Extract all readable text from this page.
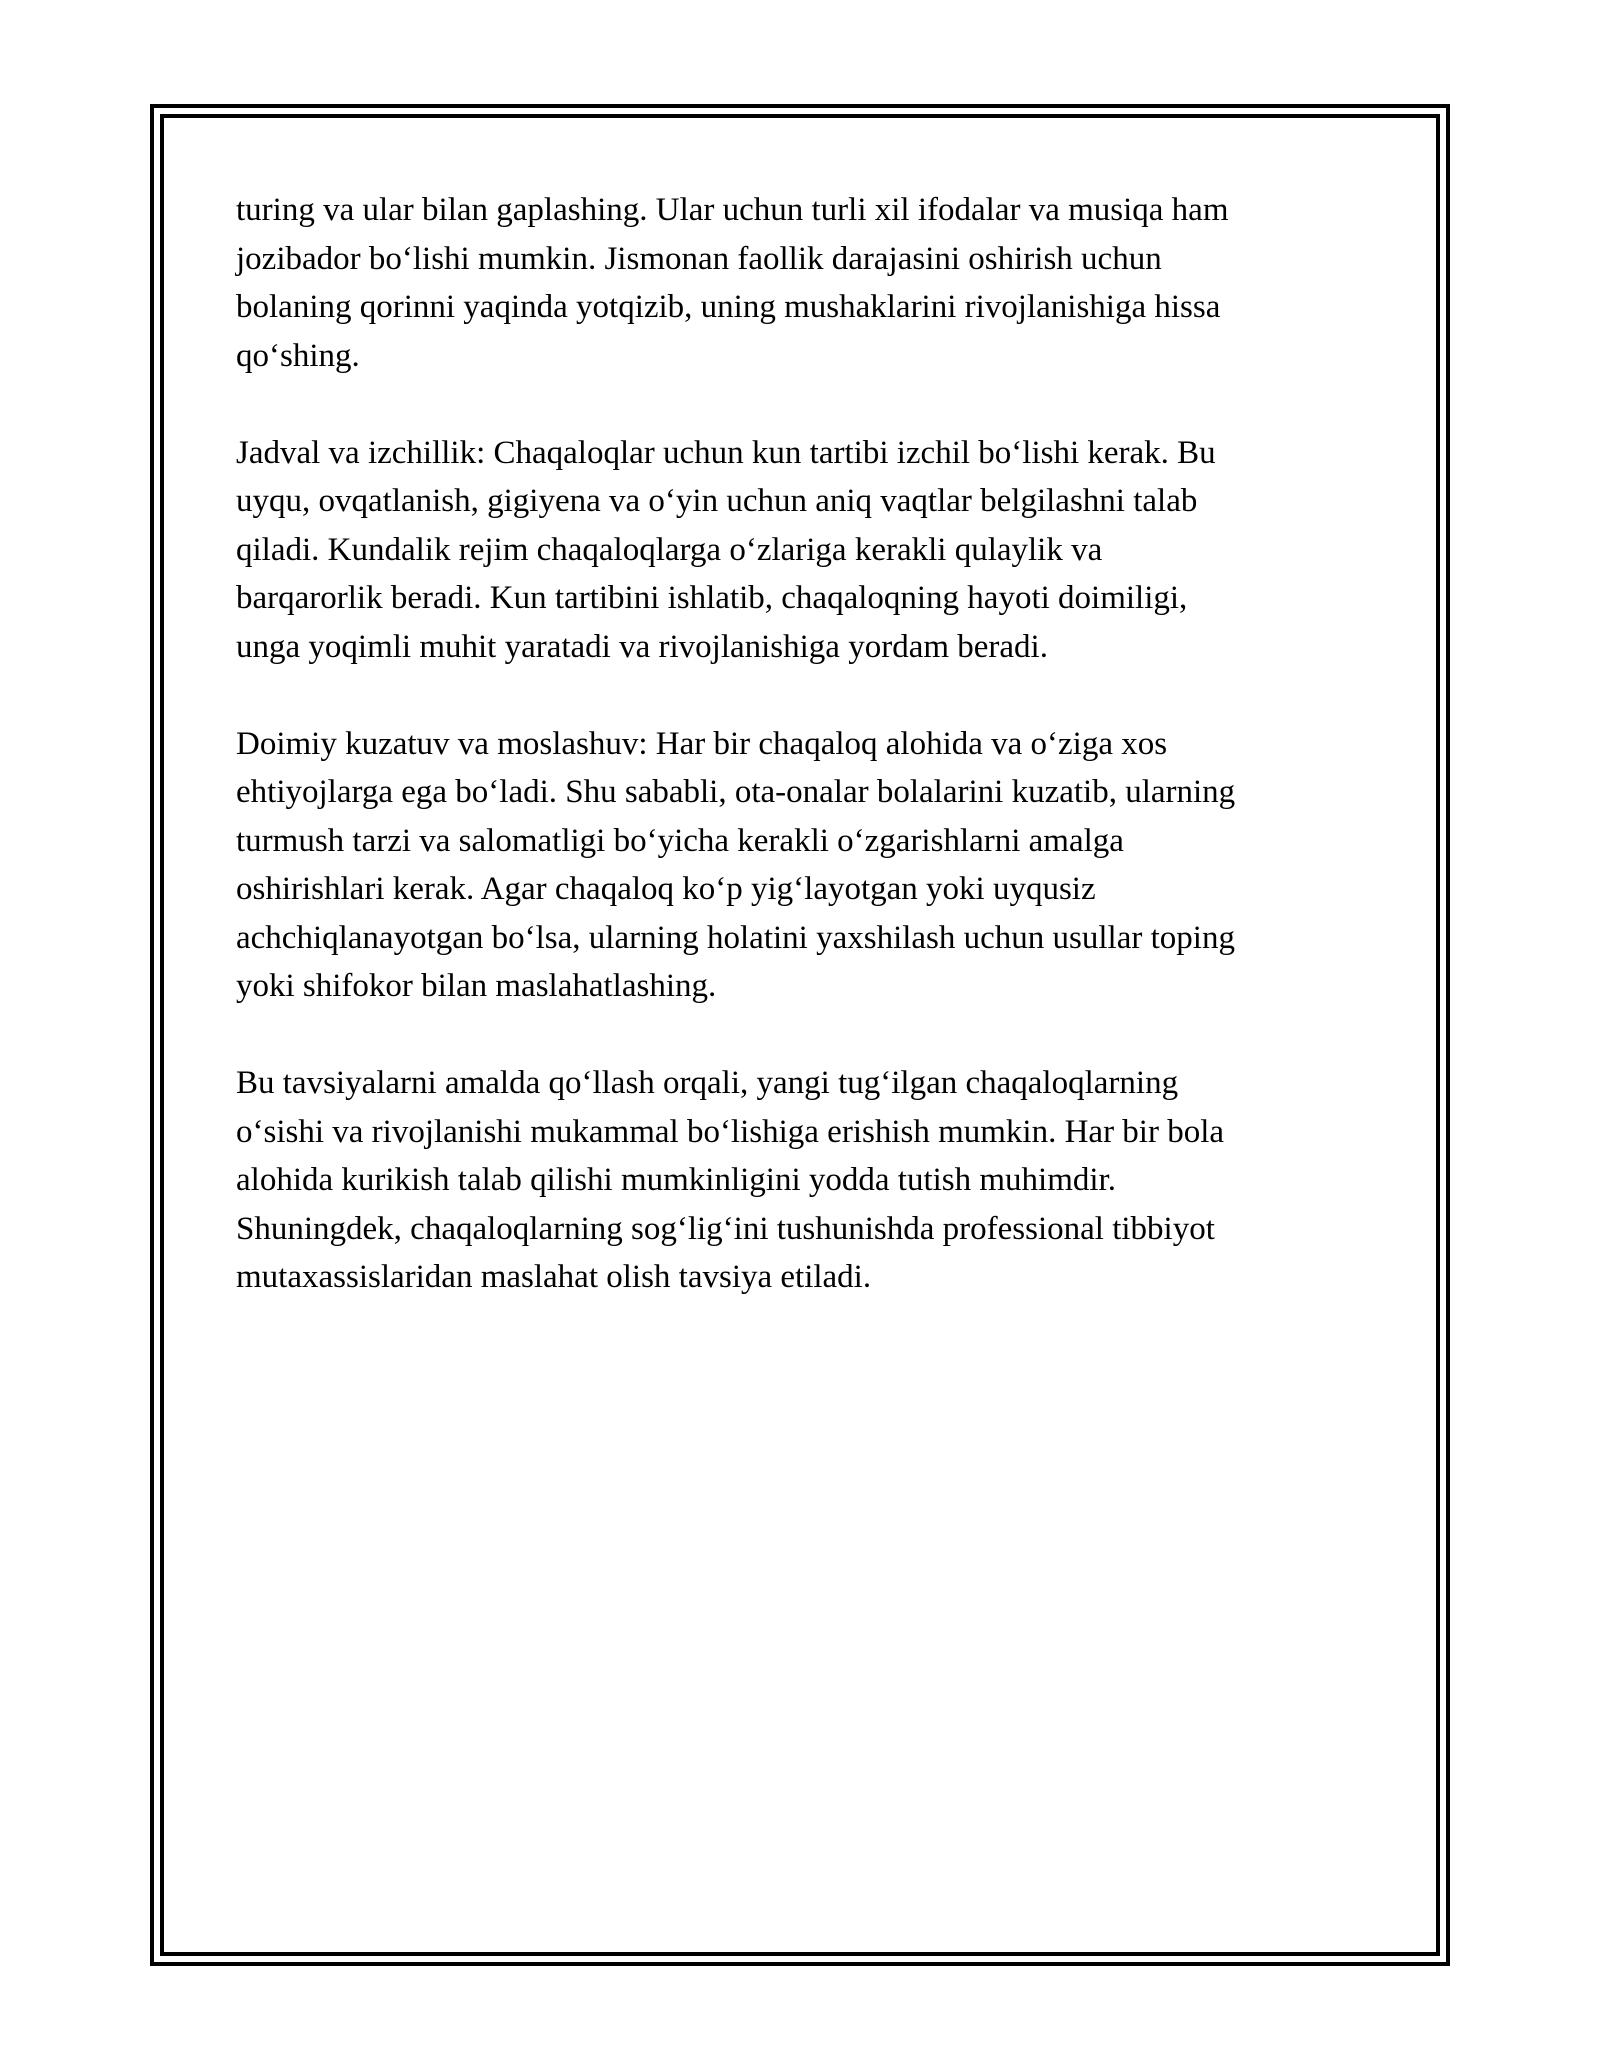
turing va ular bilan gaplashing. Ular uchun turli xil ifodalar va musiqa ham
jozibador bo‘lishi mumkin. Jismonan faollik darajasini oshirish uchun
bolaning qorinni yaqinda yotqizib, uning mushaklarini rivojlanishiga hissa
qo‘shing.

Jadval va izchillik: Chaqaloqlar uchun kun tartibi izchil bo‘lishi kerak. Bu
uyqu, ovqatlanish, gigiyena va o‘yin uchun aniq vaqtlar belgilashni talab
qiladi. Kundalik rejim chaqaloqlarga o‘zlariga kerakli qulaylik va
barqarorlik beradi. Kun tartibini ishlatib, chaqaloqning hayoti doimiligi,
unga yoqimli muhit yaratadi va rivojlanishiga yordam beradi.

Doimiy kuzatuv va moslashuv: Har bir chaqaloq alohida va o‘ziga xos
ehtiyojlarga ega bo‘ladi. Shu sababli, ota-onalar bolalarini kuzatib, ularning
turmush tarzi va salomatligi bo‘yicha kerakli o‘zgarishlarni amalga
oshirishlari kerak. Agar chaqaloq ko‘p yig‘layotgan yoki uyqusiz
achchiqlanayotgan bo‘lsa, ularning holatini yaxshilash uchun usullar toping
yoki shifokor bilan maslahatlashing.

Bu tavsiyalarni amalda qo‘llash orqali, yangi tug‘ilgan chaqaloqlarning
o‘sishi va rivojlanishi mukammal bo‘lishiga erishish mumkin. Har bir bola
alohida kurikish talab qilishi mumkinligini yodda tutish muhimdir.
Shuningdek, chaqaloqlarning sog‘lig‘ini tushunishda professional tibbiyot
mutaxassislaridan maslahat olish tavsiya etiladi.
